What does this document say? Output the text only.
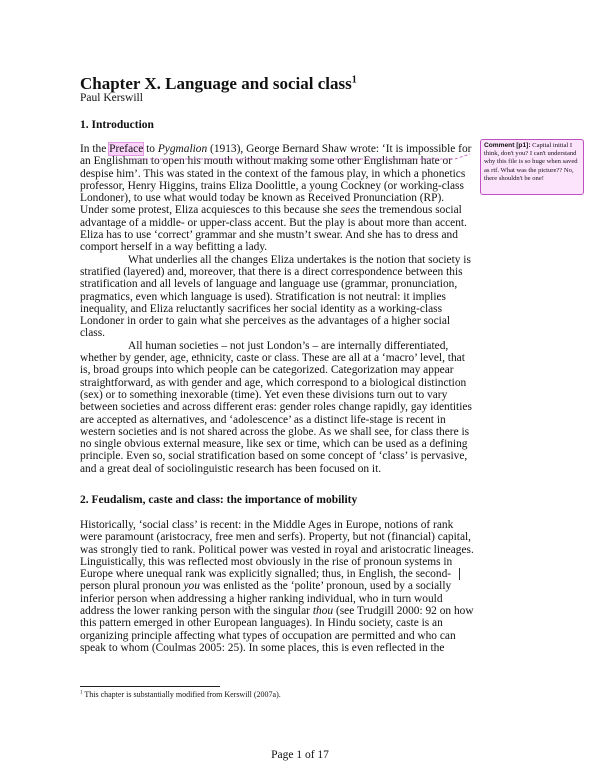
Chapter X. Language and social class$^1$
Paul Kerswill
1. Introduction
In the Preface to Pygmalion (1913), George Bernard Shaw wrote: ‘It is impossible for
an Englishman to open his mouth without making some other Englishman hate or
despise him’. This was stated in the context of the famous play, in which a phonetics
professor, Henry Higgins, trains Eliza Doolittle, a young Cockney (or working-class
Londoner), to use what would today be known as Received Pronunciation (RP).
Under some protest, Eliza acquiesces to this because she sees the tremendous social
advantage of a middle- or upper-class accent. But the play is about more than accent.
Eliza has to use ‘correct’ grammar and she mustn’t swear. And she has to dress and
comport herself in a way befitting a lady.
What underlies all the changes Eliza undertakes is the notion that society is
stratified (layered) and, moreover, that there is a direct correspondence between this
stratification and all levels of language and language use (grammar, pronunciation,
pragmatics, even which language is used). Stratification is not neutral: it implies
inequality, and Eliza reluctantly sacrifices her social identity as a working-class
Londoner in order to gain what she perceives as the advantages of a higher social
class.
All human societies – not just London’s – are internally differentiated,
whether by gender, age, ethnicity, caste or class. These are all at a ‘macro’ level, that
is, broad groups into which people can be categorized. Categorization may appear
straightforward, as with gender and age, which correspond to a biological distinction
(sex) or to something inexorable (time). Yet even these divisions turn out to vary
between societies and across different eras: gender roles change rapidly, gay identities
are accepted as alternatives, and ‘adolescence’ as a distinct life-stage is recent in
western societies and is not shared across the globe. As we shall see, for class there is
no single obvious external measure, like sex or time, which can be used as a defining
principle. Even so, social stratification based on some concept of ‘class’ is pervasive,
and a great deal of sociolinguistic research has been focused on it.
2. Feudalism, caste and class: the importance of mobility
Historically, ‘social class’ is recent: in the Middle Ages in Europe, notions of rank
were paramount (aristocracy, free men and serfs). Property, but not (financial) capital,
was strongly tied to rank. Political power was vested in royal and aristocratic lineages.
Linguistically, this was reflected most obviously in the rise of pronoun systems in
Europe where unequal rank was explicitly signalled; thus, in English, the second-
person plural pronoun you was enlisted as the ‘polite’ pronoun, used by a socially
inferior person when addressing a higher ranking individual, who in turn would
address the lower ranking person with the singular thou (see Trudgill 2000: 92 on how
this pattern emerged in other European languages). In Hindu society, caste is an
organizing principle affecting what types of occupation are permitted and who can
speak to whom (Coulmas 2005: 25). In some places, this is even reflected in the
Comment [p1]: Capital initial I think, don't you? I can't understand why this file is so huge when saved as rtf. What was the picture?? No, there shouldn't be one!
$^1$ This chapter is substantially modified from Kerswill (2007a).
Page 1 of 17
